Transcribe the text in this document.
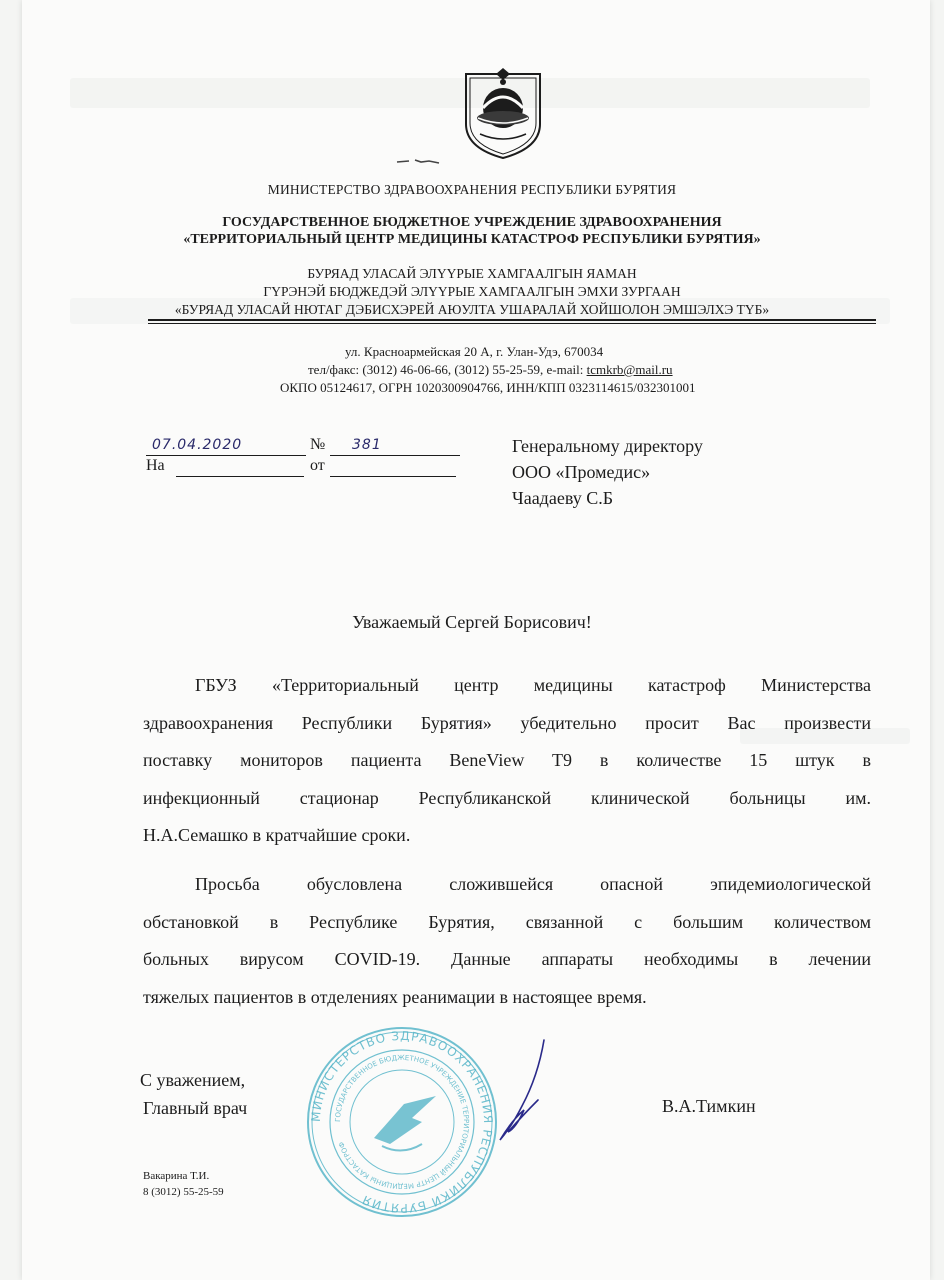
МИНИСТЕРСТВО ЗДРАВООХРАНЕНИЯ РЕСПУБЛИКИ БУРЯТИЯ
ГОСУДАРСТВЕННОЕ БЮДЖЕТНОЕ УЧРЕЖДЕНИЕ ЗДРАВООХРАНЕНИЯ
«ТЕРРИТОРИАЛЬНЫЙ ЦЕНТР МЕДИЦИНЫ КАТАСТРОФ РЕСПУБЛИКИ БУРЯТИЯ»
БУРЯАД УЛАСАЙ ЭЛҮҮРЫЕ ХАМГААЛГЫН ЯАМАН
ГҮРЭНЭЙ БЮДЖЕДЭЙ ЭЛҮҮРЫЕ ХАМГААЛГЫН ЭМХИ ЗУРГААН
«БУРЯАД УЛАСАЙ НЮТАГ ДЭБИСХЭРЕЙ АЮУЛТА УШАРАЛАЙ ХОЙШОЛОН ЭМШЭЛХЭ ТҮБ»
ул. Красноармейская 20 А, г. Улан-Удэ, 670034
тел/факс: (3012) 46-06-66, (3012) 55-25-59, e-mail: tcmkrb@mail.ru
ОКПО 05124617, ОГРН 1020300904766, ИНН/КПП 0323114615/032301001
07.04.2020	№ 381
На	от
Генеральному директору
ООО «Промедис»
Чаадаеву С.Б
Уважаемый Сергей Борисович!
ГБУЗ «Территориальный центр медицины катастроф Министерства
здравоохранения Республики Бурятия» убедительно просит Вас произвести
поставку мониторов пациента BeneView T9 в количестве 15 штук в
инфекционный стационар Республиканской клинической больницы им.
Н.А.Семашко в кратчайшие сроки.
Просьба обусловлена сложившейся опасной эпидемиологической
обстановкой в Республике Бурятия, связанной с большим количеством
больных вирусом COVID-19. Данные аппараты необходимы в лечении
тяжелых пациентов в отделениях реанимации в настоящее время.
МИНИСТЕРСТВО ЗДРАВООХРАНЕНИЯ РЕСПУБЛИКИ БУРЯТИЯ
ГОСУДАРСТВЕННОЕ БЮДЖЕТНОЕ УЧРЕЖДЕНИЕ ТЕРРИТОРИАЛЬНЫЙ ЦЕНТР МЕДИЦИНЫ КАТАСТРОФ
С уважением,
Главный врач	В.А.Тимкин
Вакарина Т.И.
8 (3012) 55-25-59
